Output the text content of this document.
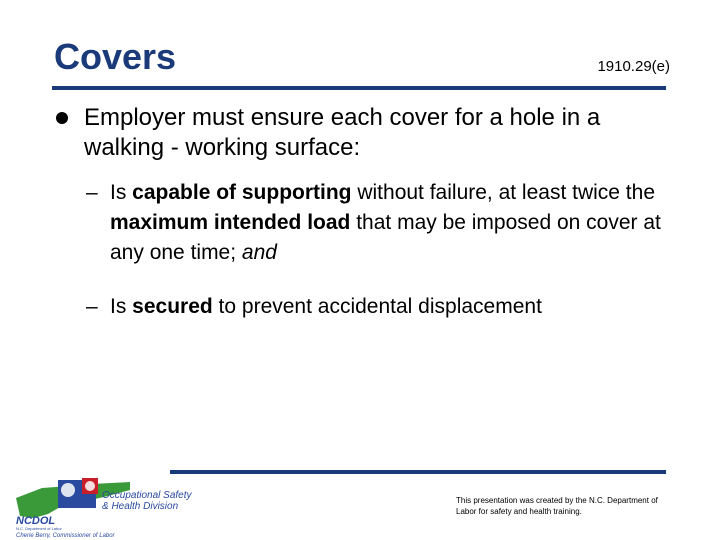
Covers	1910.29(e)
Employer must ensure each cover for a hole in a walking - working surface:
– Is capable of supporting without failure, at least twice the maximum intended load that may be imposed on cover at any one time; and
– Is secured to prevent accidental displacement
Occupational Safety
& Health Division
NCDOL
N.C. Department of Labor
Cherie Berry, Commissioner of Labor
This presentation was created by the N.C. Department of Labor for safety and health training.
